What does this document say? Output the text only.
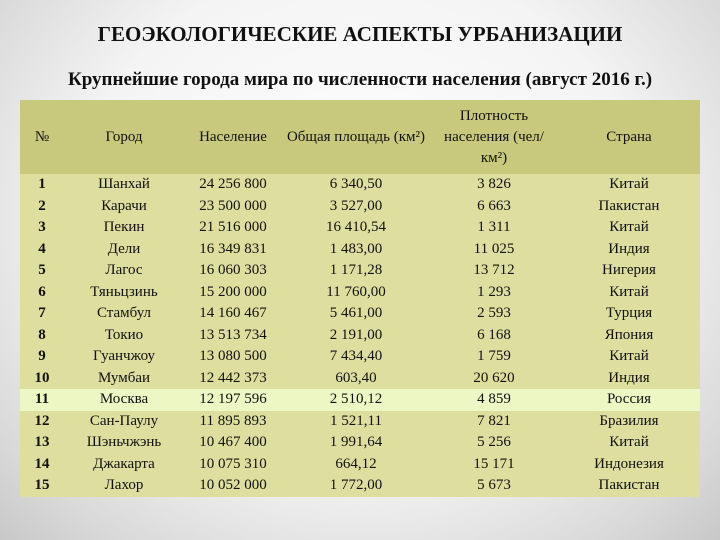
ГЕОЭКОЛОГИЧЕСКИЕ АСПЕКТЫ УРБАНИЗАЦИИ
Крупнейшие города мира по численности населения (август 2016 г.)
№	Город	Население	Общая площадь (км²)	Плотность населения (чел/км²)	Страна
1	Шанхай	24 256 800	6 340,50	3 826	Китай
2	Карачи	23 500 000	3 527,00	6 663	Пакистан
3	Пекин	21 516 000	16 410,54	1 311	Китай
4	Дели	16 349 831	1 483,00	11 025	Индия
5	Лагос	16 060 303	1 171,28	13 712	Нигерия
6	Тяньцзинь	15 200 000	11 760,00	1 293	Китай
7	Стамбул	14 160 467	5 461,00	2 593	Турция
8	Токио	13 513 734	2 191,00	6 168	Япония
9	Гуанчжоу	13 080 500	7 434,40	1 759	Китай
10	Мумбаи	12 442 373	603,40	20 620	Индия
11	Москва	12 197 596	2 510,12	4 859	Россия
12	Сан-Паулу	11 895 893	1 521,11	7 821	Бразилия
13	Шэньчжэнь	10 467 400	1 991,64	5 256	Китай
14	Джакарта	10 075 310	664,12	15 171	Индонезия
15	Лахор	10 052 000	1 772,00	5 673	Пакистан
